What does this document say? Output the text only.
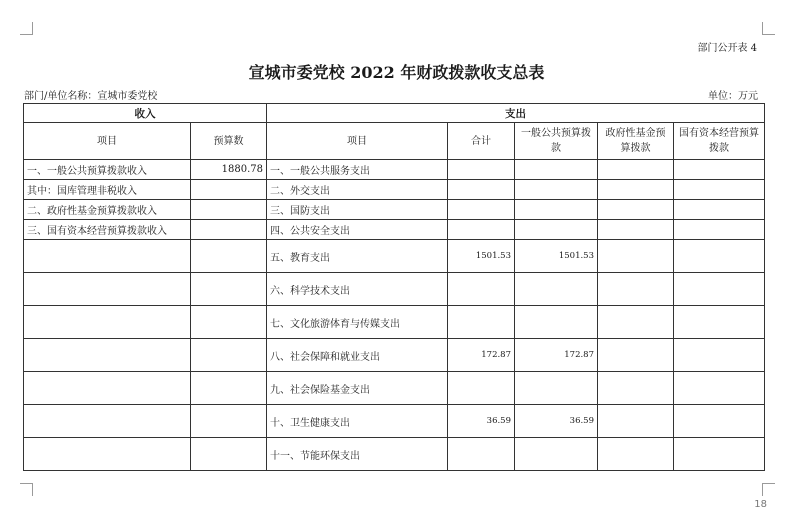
部门公开表 4
宣城市委党校 2022 年财政拨款收支总表
部门/单位名称：宣城市委党校	单位：万元
收入		支出				
项目	预算数	项目	合计	一般公共预算拨款	政府性基金预算拨款	国有资本经营预算拨款
一、一般公共预算拨款收入	1880.78	一、一般公共服务支出				
其中：国库管理非税收入		二、外交支出				
二、政府性基金预算拨款收入		三、国防支出				
三、国有资本经营预算拨款收入		四、公共安全支出				
		五、教育支出	1501.53	1501.53		
		六、科学技术支出				
		七、文化旅游体育与传媒支出				
		八、社会保障和就业支出	172.87	172.87		
		九、社会保险基金支出				
		十、卫生健康支出	36.59	36.59		
		十一、节能环保支出				
18
